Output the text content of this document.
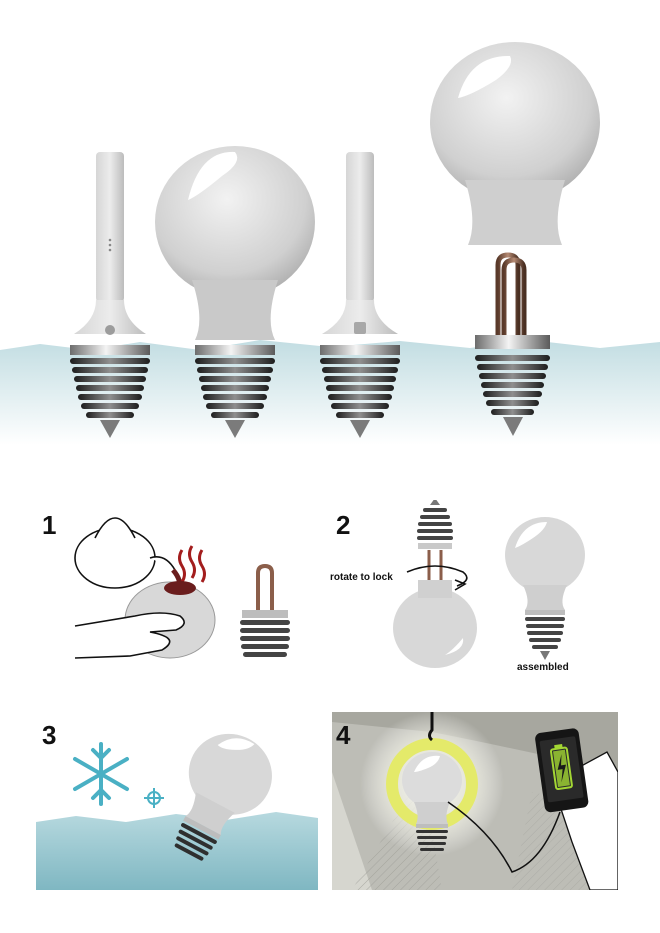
1	2
rotate to lock
assembled
3	4
